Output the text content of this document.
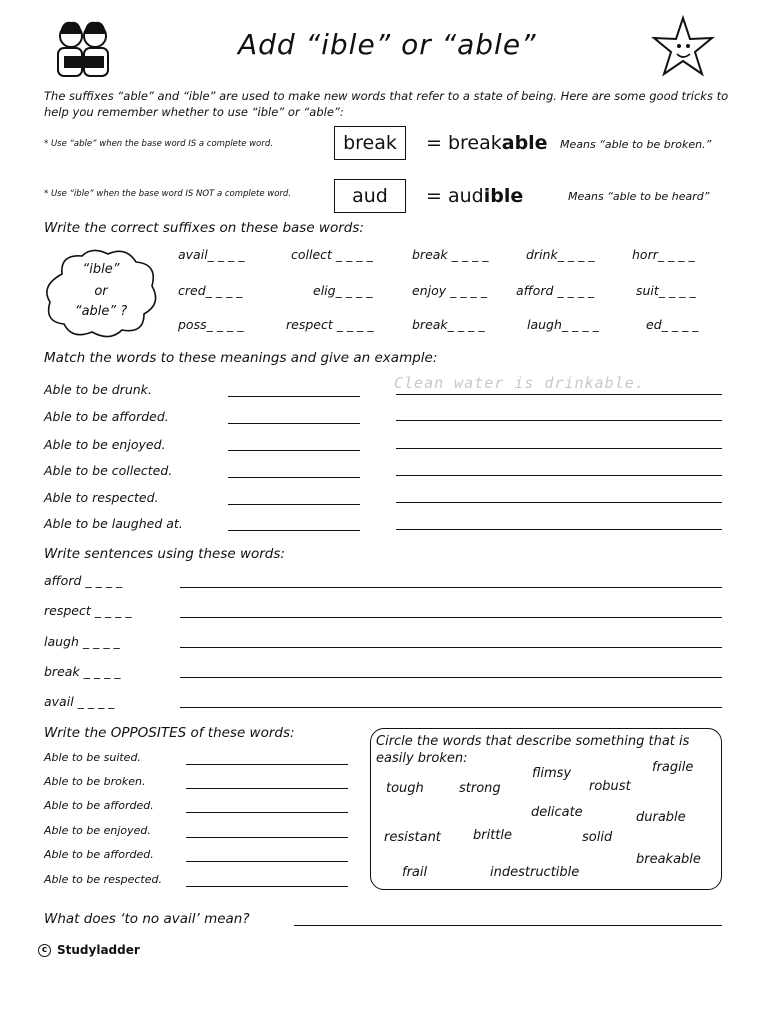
Add “ible” or “able”
The suffixes “able” and “ible” are used to make new words that refer to a state of being. Here are some good tricks to help you remember whether to use “ible” or “able”:
* Use “able” when the base word IS a complete word.	break	= breakable Means “able to be broken.”
* Use “ible” when the base word IS NOT a complete word.	aud	= audible	Means “able to be heard”
Write the correct suffixes on these base words:
“ible”
or
“able” ?
avail_ _ _ _	collect _ _ _ _	break _ _ _ _	drink_ _ _ _	horr_ _ _ _
cred_ _ _ _	elig_ _ _ _	enjoy _ _ _ _ afford _ _ _ _	suit_ _ _ _
poss_ _ _ _	respect _ _ _ _	break_ _ _ _	laugh_ _ _ _	ed_ _ _ _
Match the words to these meanings and give an example:
Able to be drunk.	Clean water is drinkable.
Able to be afforded.
Able to be enjoyed.
Able to be collected.
Able to respected.
Able to be laughed at.
Write sentences using these words:
afford _ _ _ _
respect _ _ _ _
laugh _ _ _ _
break _ _ _ _
avail _ _ _ _
Write the OPPOSITES of these words:
Able to be suited.
Able to be broken.
Able to be afforded.
Able to be enjoyed.
Able to be afforded.
Able to be respected.
Circle the words that describe something that is easily broken:
flimsy	fragile
tough	strong	robust
delicate	durable
resistant brittle	solid
breakable
frail	indestructible
What does ‘to no avail’ mean?
c Studyladder
